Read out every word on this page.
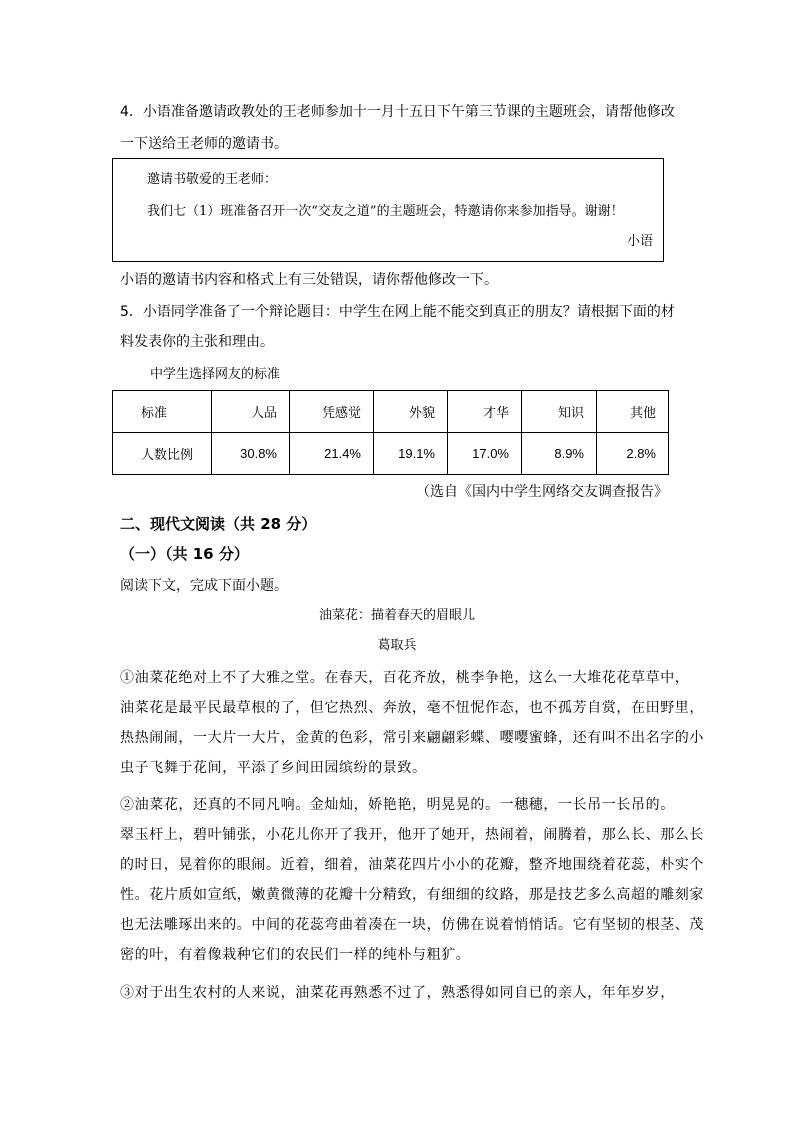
4．小语准备邀请政教处的王老师参加十一月十五日下午第三节课的主题班会，请帮他修改
一下送给王老师的邀请书。
邀请书敬爱的王老师：
我们七（1）班准备召开一次“交友之道”的主题班会，特邀请你来参加指导。谢谢！
小语
小语的邀请书内容和格式上有三处错误，请你帮他修改一下。
5．小语同学准备了一个辩论题目：中学生在网上能不能交到真正的朋友？请根据下面的材
料发表你的主张和理由。
中学生选择网友的标准
标准	人品	凭感觉	外貌	才华	知识	其他
人数比例	30.8%	21.4%	19.1%	17.0%	8.9%	2.8%
（选自《国内中学生网络交友调查报告》
二、现代文阅读（共 28 分）
（一）（共 16 分）
阅读下文，完成下面小题。
油菜花：描着春天的眉眼儿
葛取兵

①油菜花绝对上不了大雅之堂。在春天，百花齐放，桃李争艳，这么一大堆花花草草中，

油菜花是最平民最草根的了，但它热烈、奔放，毫不忸怩作态，也不孤芳自赏，在田野里，

热热闹闹，一大片一大片，金黄的色彩，常引来翩翩彩蝶、嘤嘤蜜蜂，还有叫不出名字的小

虫子飞舞于花间，平添了乡间田园缤纷的景致。

②油菜花，还真的不同凡响。金灿灿，娇艳艳，明晃晃的。一穗穗，一长吊一长吊的。

翠玉杆上，碧叶铺张，小花儿你开了我开，他开了她开，热闹着，闹腾着，那么长、那么长

的时日，晃着你的眼闹。近着，细着，油菜花四片小小的花瓣，整齐地围绕着花蕊，朴实个

性。花片质如宣纸，嫩黄微薄的花瓣十分精致，有细细的纹路，那是技艺多么高超的雕刻家

也无法雕琢出来的。中间的花蕊弯曲着凑在一块，仿佛在说着悄悄话。它有坚韧的根茎、茂

密的叶，有着像栽种它们的农民们一样的纯朴与粗犷。

③对于出生农村的人来说，油菜花再熟悉不过了，熟悉得如同自已的亲人，年年岁岁，
